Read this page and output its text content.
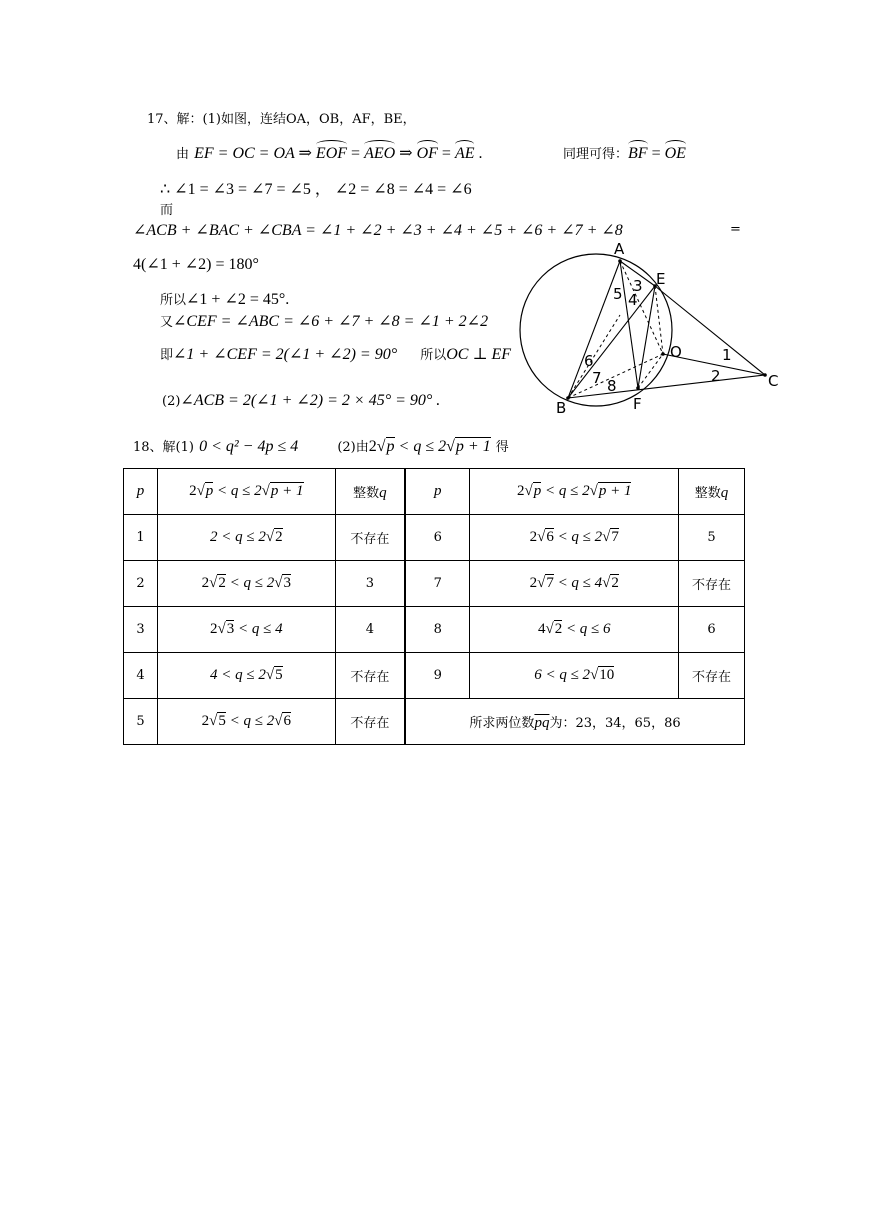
17、解：(1)如图，连结OA，OB，AF，BE，
由 EF = OC = OA ⇒ EOF = AEO ⇒ OF = AE .	同理可得：BF = OE
∴ ∠1 = ∠3 = ∠7 = ∠5 ， ∠2 = ∠8 = ∠4 = ∠6
而
∠ACB + ∠BAC + ∠CBA = ∠1 + ∠2 + ∠3 + ∠4 + ∠5 + ∠6 + ∠7 + ∠8	=
4(∠1 + ∠2) = 180°
所以∠1 + ∠2 = 45°.
又∠CEF = ∠ABC = ∠6 + ∠7 + ∠8 = ∠1 + 2∠2
即∠1 + ∠CEF = 2(∠1 + ∠2) = 90° 所以OC ⊥ EF
(2)∠ACB = 2(∠1 + ∠2) = 2 × 45° = 90° .
A
E
O
C
B	F
1
2
3
4
5
6
7 8
18、解(1) 0 < q² − 4p ≤ 4	(2)由2√p < q ≤ 2√p + 1 得
p	2√p < q ≤ 2√p + 1	整数q	p	2√p < q ≤ 2√p + 1	整数q
1	2 < q ≤ 2√2	不存在	6	2√6 < q ≤ 2√7	5
2	2√2 < q ≤ 2√3	3	7	2√7 < q ≤ 4√2	不存在
3	2√3 < q ≤ 4	4	8	4√2 < q ≤ 6	6
4	4 < q ≤ 2√5	不存在	9	6 < q ≤ 2√10	不存在
5	2√5 < q ≤ 2√6	不存在	所求两位数$\overline{pq}$为：23，34，65，86		
